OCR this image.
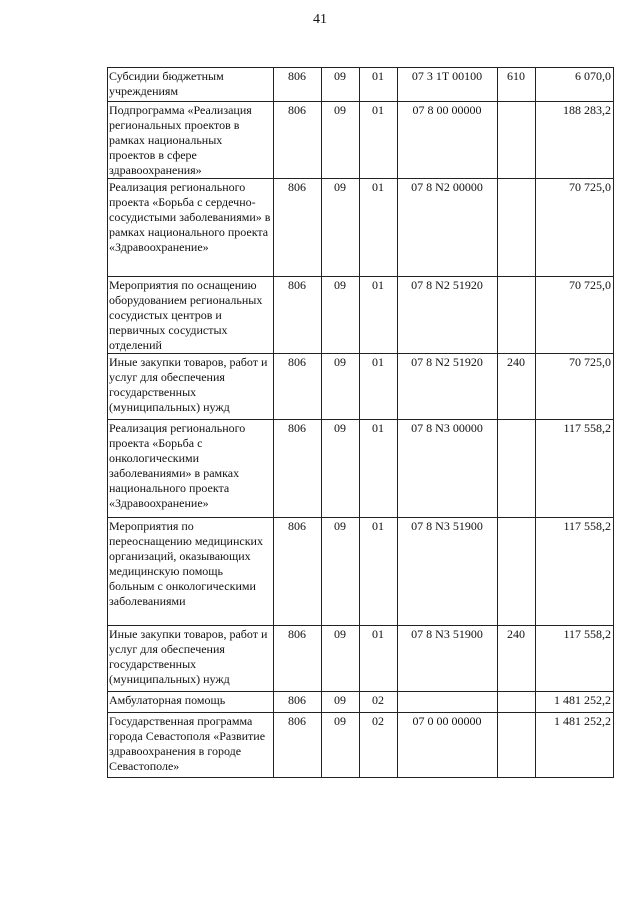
41
Субсидии бюджетным учреждениям	806	09	01	07 3 1Т 00100	610	6 070,0
Подпрограмма «Реализация региональных проектов в рамках национальных проектов в сфере здравоохранения»	806	09	01	07 8 00 00000		188 283,2
Реализация регионального проекта «Борьба с сердечно-сосудистыми заболеваниями» в рамках национального проекта «Здравоохранение»	806	09	01	07 8 N2 00000		70 725,0
Мероприятия по оснащению оборудованием региональных сосудистых центров и первичных сосудистых отделений	806	09	01	07 8 N2 51920		70 725,0
Иные закупки товаров, работ и услуг для обеспечения государственных (муниципальных) нужд	806	09	01	07 8 N2 51920	240	70 725,0
Реализация регионального проекта «Борьба с онкологическими заболеваниями» в рамках национального проекта «Здравоохранение»	806	09	01	07 8 N3 00000		117 558,2
Мероприятия по переоснащению медицинских организаций, оказывающих медицинскую помощь больным с онкологическими заболеваниями	806	09	01	07 8 N3 51900		117 558,2
Иные закупки товаров, работ и услуг для обеспечения государственных (муниципальных) нужд	806	09	01	07 8 N3 51900	240	117 558,2
Амбулаторная помощь	806	09	02			1 481 252,2
Государственная программа города Севастополя «Развитие здравоохранения в городе Севастополе»	806	09	02	07 0 00 00000		1 481 252,2
